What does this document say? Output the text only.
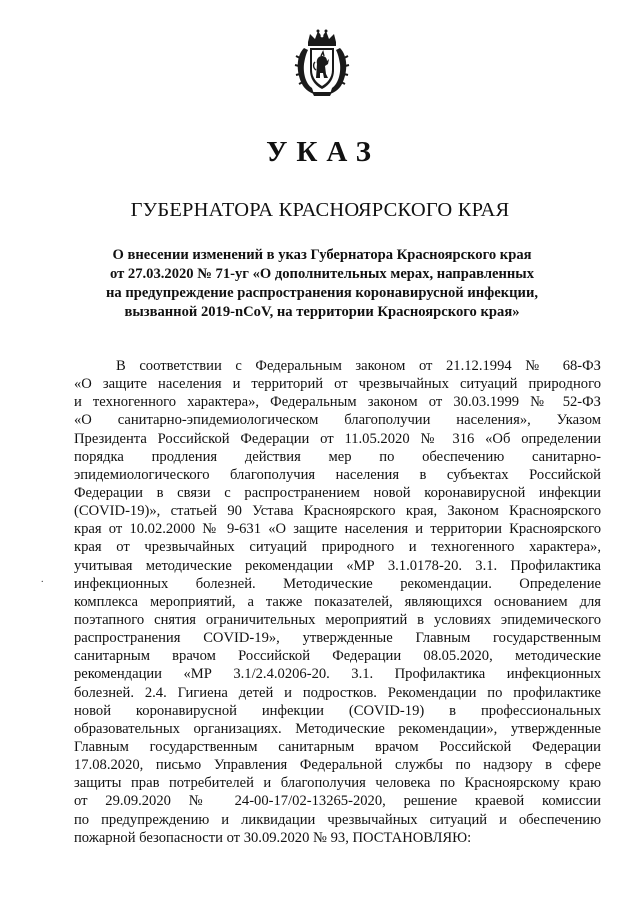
УКАЗ
ГУБЕРНАТОРА КРАСНОЯРСКОГО КРАЯ
О внесении изменений в указ Губернатора Красноярского края
от 27.03.2020 № 71-уг «О дополнительных мерах, направленных
на предупреждение распространения коронавирусной инфекции,
вызванной 2019-nCoV, на территории Красноярского края»
В соответствии с Федеральным законом от 21.12.1994 № 68-ФЗ
«О защите населения и территорий от чрезвычайных ситуаций природного
и техногенного характера», Федеральным законом от 30.03.1999 № 52-ФЗ
«О санитарно-эпидемиологическом благополучии населения», Указом
Президента Российской Федерации от 11.05.2020 № 316 «Об определении
порядка продления действия мер по обеспечению санитарно-
эпидемиологического благополучия населения в субъектах Российской
Федерации в связи с распространением новой коронавирусной инфекции
(COVID-19)», статьей 90 Устава Красноярского края, Законом Красноярского
края от 10.02.2000 № 9-631 «О защите населения и территории Красноярского
края от чрезвычайных ситуаций природного и техногенного характера»,
учитывая методические рекомендации «МР 3.1.0178-20. 3.1. Профилактика
инфекционных болезней. Методические рекомендации. Определение
комплекса мероприятий, а также показателей, являющихся основанием для
поэтапного снятия ограничительных мероприятий в условиях эпидемического
распространения COVID-19», утвержденные Главным государственным
санитарным врачом Российской Федерации 08.05.2020, методические
рекомендации «МР 3.1/2.4.0206-20. 3.1. Профилактика инфекционных
болезней. 2.4. Гигиена детей и подростков. Рекомендации по профилактике
новой коронавирусной инфекции (COVID-19) в профессиональных
образовательных организациях. Методические рекомендации», утвержденные
Главным государственным санитарным врачом Российской Федерации
17.08.2020, письмо Управления Федеральной службы по надзору в сфере
защиты прав потребителей и благополучия человека по Красноярскому краю
от 29.09.2020 № 24-00-17/02-13265-2020, решение краевой комиссии
по предупреждению и ликвидации чрезвычайных ситуаций и обеспечению
пожарной безопасности от 30.09.2020 № 93, ПОСТАНОВЛЯЮ:
.
